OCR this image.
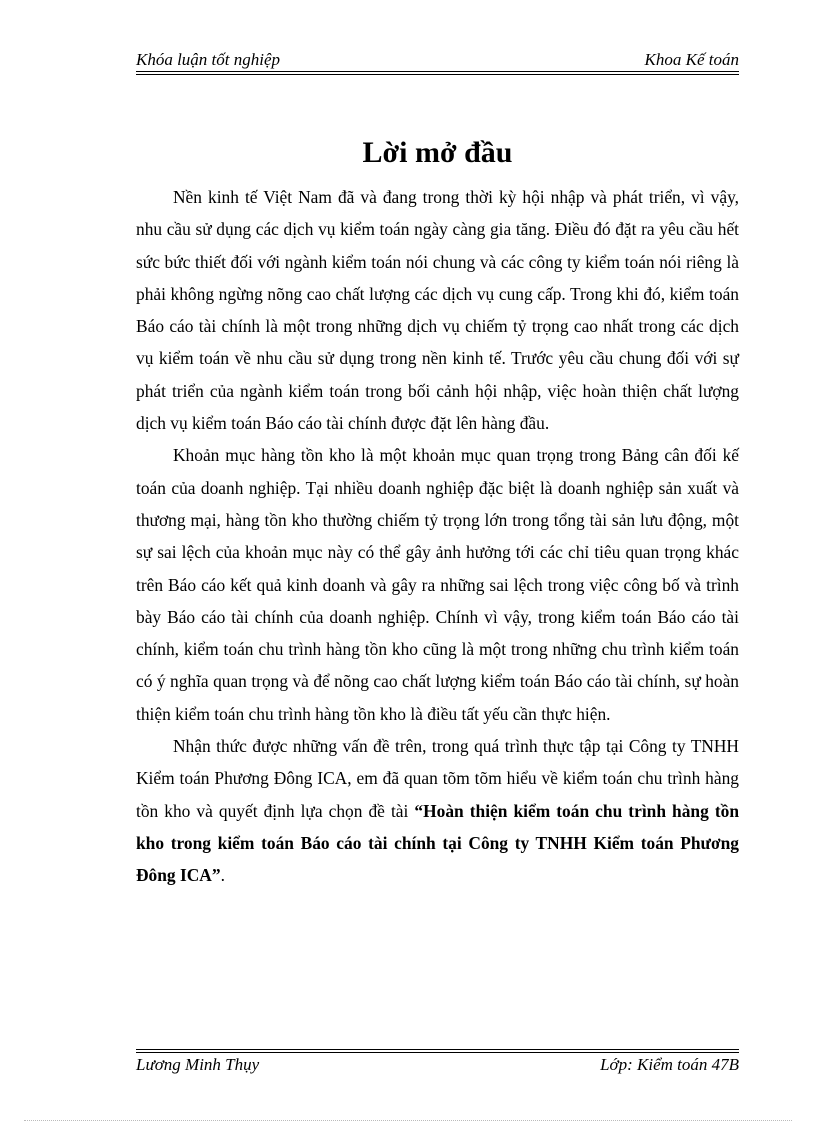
Khóa luận tốt nghiệp	Khoa Kế toán
Lời mở đầu

Nền kinh tế Việt Nam đã và đang trong thời kỳ hội nhập và phát triển, vì vậy, nhu cầu sử dụng các dịch vụ kiểm toán ngày càng gia tăng. Điều đó đặt ra yêu cầu hết sức bức thiết đối với ngành kiểm toán nói chung và các công ty kiểm toán nói riêng là phải không ngừng nõng cao chất lượng các dịch vụ cung cấp. Trong khi đó, kiểm toán Báo cáo tài chính là một trong những dịch vụ chiếm tỷ trọng cao nhất trong các dịch vụ kiểm toán về nhu cầu sử dụng trong nền kinh tế. Trước yêu cầu chung đối với sự phát triển của ngành kiểm toán trong bối cảnh hội nhập, việc hoàn thiện chất lượng dịch vụ kiểm toán Báo cáo tài chính được đặt lên hàng đầu.

Khoản mục hàng tồn kho là một khoản mục quan trọng trong Bảng cân đối kế toán của doanh nghiệp. Tại nhiều doanh nghiệp đặc biệt là doanh nghiệp sản xuất và thương mại, hàng tồn kho thường chiếm tỷ trọng lớn trong tổng tài sản lưu động, một sự sai lệch của khoản mục này có thể gây ảnh hưởng tới các chỉ tiêu quan trọng khác trên Báo cáo kết quả kinh doanh và gây ra những sai lệch trong việc công bố và trình bày Báo cáo tài chính của doanh nghiệp. Chính vì vậy, trong kiểm toán Báo cáo tài chính, kiểm toán chu trình hàng tồn kho cũng là một trong những chu trình kiểm toán có ý nghĩa quan trọng và để nõng cao chất lượng kiểm toán Báo cáo tài chính, sự hoàn thiện kiểm toán chu trình hàng tồn kho là điều tất yếu cần thực hiện.

Nhận thức được những vấn đề trên, trong quá trình thực tập tại Công ty TNHH Kiểm toán Phương Đông ICA, em đã quan tõm tõm hiểu về kiểm toán chu trình hàng tồn kho và quyết định lựa chọn đề tài “Hoàn thiện kiểm toán chu trình hàng tồn kho trong kiểm toán Báo cáo tài chính tại Công ty TNHH Kiểm toán Phương Đông ICA”.

Lương Minh Thụy	Lớp: Kiểm toán 47B
